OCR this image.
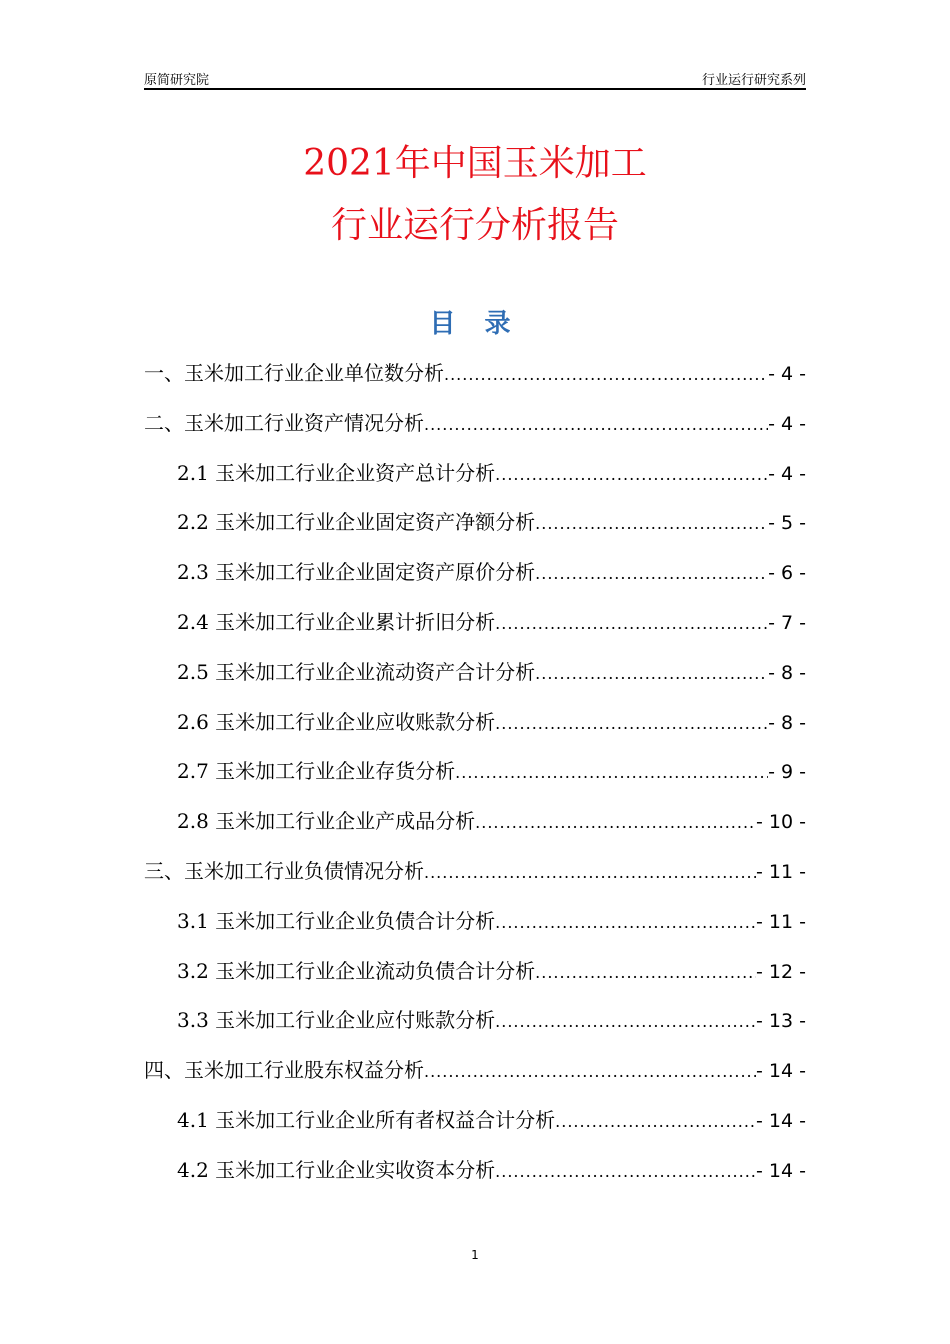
原简研究院	行业运行研究系列
2021年中国玉米加工
行业运行分析报告
目 录
一、玉米加工行业企业单位数分析 .....	- 4 -
二、玉米加工行业资产情况分析 .....	- 4 -
2.1 玉米加工行业企业资产总计分析 .....	- 4 -
2.2 玉米加工行业企业固定资产净额分析 .....	- 5 -
2.3 玉米加工行业企业固定资产原价分析 .....	- 6 -
2.4 玉米加工行业企业累计折旧分析 .....	- 7 -
2.5 玉米加工行业企业流动资产合计分析 .....	- 8 -
2.6 玉米加工行业企业应收账款分析 .....	- 8 -
2.7 玉米加工行业企业存货分析 .....	- 9 -
2.8 玉米加工行业企业产成品分析 .....	- 10 -
三、玉米加工行业负债情况分析 .....	- 11 -
3.1 玉米加工行业企业负债合计分析 .....	- 11 -
3.2 玉米加工行业企业流动负债合计分析 .....	- 12 -
3.3 玉米加工行业企业应付账款分析 .....	- 13 -
四、玉米加工行业股东权益分析 .....	- 14 -
4.1 玉米加工行业企业所有者权益合计分析 .....	- 14 -
4.2 玉米加工行业企业实收资本分析 .....	- 14 -
1
